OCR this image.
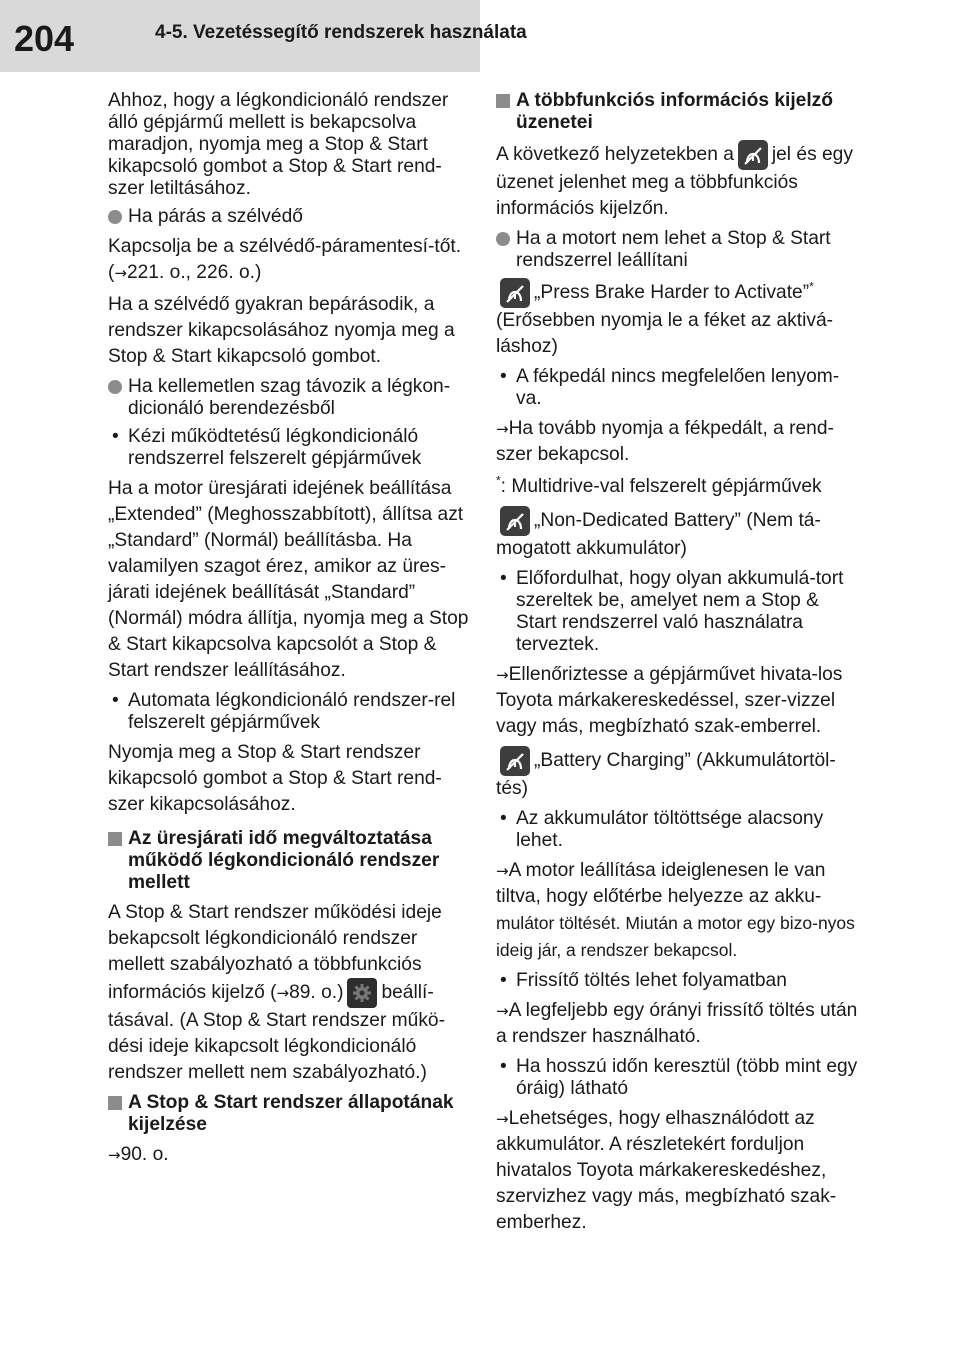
204	4-5. Vezetéssegítő rendszerek használata

Ahhoz, hogy a légkondicionáló rendszer álló gépjármű mellett is bekapcsolva maradjon, nyomja meg a Stop & Start kikapcsoló gombot a Stop & Start rend-szer letiltásához.

Ha párás a szélvédő

Kapcsolja be a szélvédő-páramentesí-tőt. (→221. o., 226. o.)

Ha a szélvédő gyakran bepárásodik, a rendszer kikapcsolásához nyomja meg a Stop & Start kikapcsoló gombot.

Ha kellemetlen szag távozik a légkon-dicionáló berendezésből
• Kézi működtetésű légkondicionáló rendszerrel felszerelt gépjárművek

Ha a motor üresjárati idejének beállítása „Extended” (Meghosszabbított), állítsa azt „Standard” (Normál) beállításba. Ha valamilyen szagot érez, amikor az üres-járati idejének beállítását „Standard” (Normál) módra állítja, nyomja meg a Stop & Start kikapcsolva kapcsolót a Stop & Start rendszer leállításához.

• Automata légkondicionáló rendszer-rel felszerelt gépjárművek

Nyomja meg a Stop & Start rendszer kikapcsoló gombot a Stop & Start rend-szer kikapcsolásához.

Az üresjárati idő megváltoztatása működő légkondicionáló rendszer mellett

A Stop & Start rendszer működési ideje bekapcsolt légkondicionáló rendszer mellett szabályozható a többfunkciós információs kijelző (→89. o.) beállí-tásával. (A Stop & Start rendszer műkö-dési ideje kikapcsolt légkondicionáló rendszer mellett nem szabályozható.)

A Stop & Start rendszer állapotának kijelzése

→90. o.

A többfunkciós információs kijelző üzenetei

A következő helyzetekben a jel és egy üzenet jelenhet meg a többfunkciós információs kijelzőn.

Ha a motort nem lehet a Stop & Start rendszerrel leállítani

„Press Brake Harder to Activate”*
(Erősebben nyomja le a féket az aktivá-láshoz)

• A fékpedál nincs megfelelően lenyom-va.

→Ha tovább nyomja a fékpedált, a rend-szer bekapcsol.

*: Multidrive-val felszerelt gépjárművek

„Non-Dedicated Battery” (Nem tá-mogatott akkumulátor)

• Előfordulhat, hogy olyan akkumulá-tort szereltek be, amelyet nem a Stop & Start rendszerrel való használatra terveztek.

→Ellenőriztesse a gépjárművet hivata-los Toyota márkakereskedéssel, szer-vizzel vagy más, megbízható szak-emberrel.

„Battery Charging” (Akkumulátortöl-tés)

• Az akkumulátor töltöttsége alacsony lehet.

→A motor leállítása ideiglenesen le van tiltva, hogy előtérbe helyezze az akku- mulátor töltését. Miután a motor egy bizo-nyos ideig jár, a rendszer bekapcsol.

• Frissítő töltés lehet folyamatban

→A legfeljebb egy órányi frissítő töltés után a rendszer használható.

• Ha hosszú időn keresztül (több mint egy óráig) látható

→Lehetséges, hogy elhasználódott az akkumulátor. A részletekért forduljon hivatalos Toyota márkakereskedéshez, szervizhez vagy más, megbízható szak-emberhez.
